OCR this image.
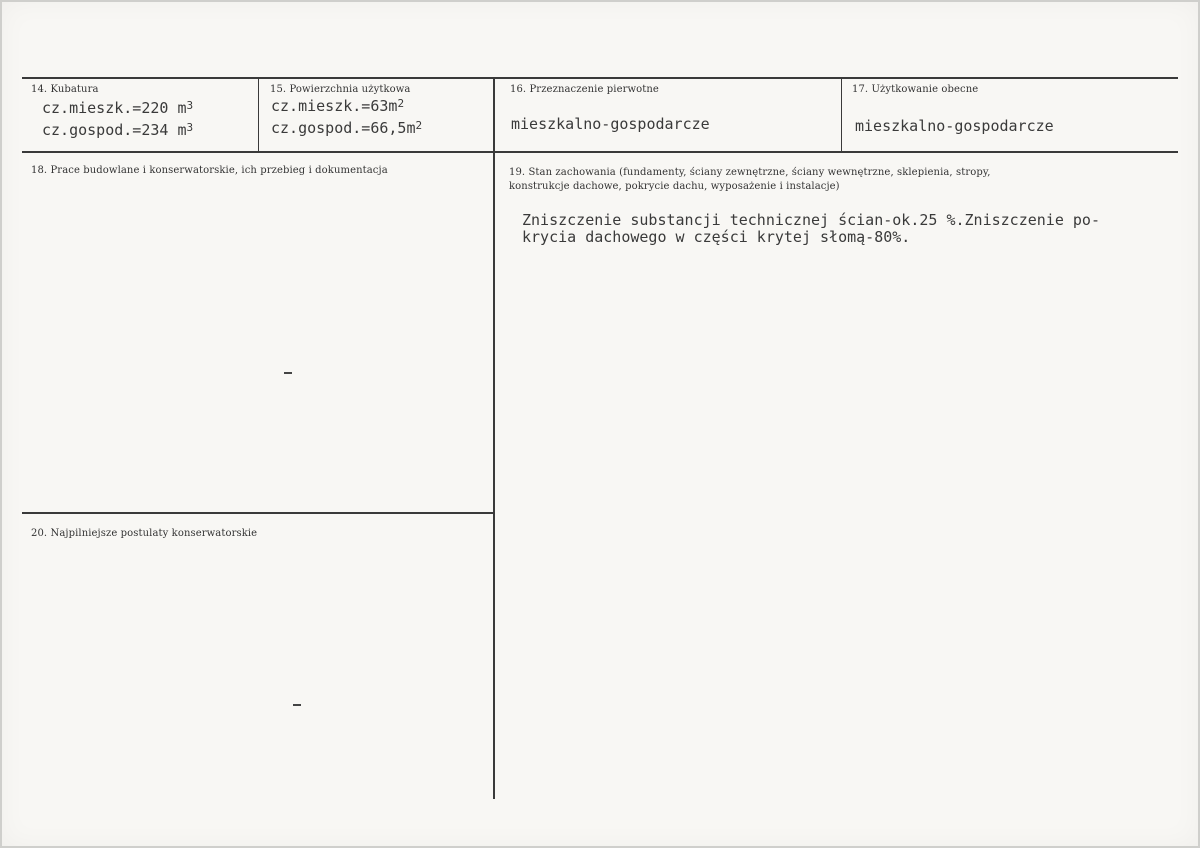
14. Kubatura
cz.mieszk.=220 $m^3$
cz.gospod.=234 $m^3$
15. Powierzchnia użytkowa
$cz.mieszk.=63m^2$
$cz.gospod.=66,5m^2$
16. Przeznaczenie pierwotne
mieszkalno-gospodarcze
17. Użytkowanie obecne
mieszkalno-gospodarcze
18. Prace budowlane i konserwatorskie, ich przebieg i dokumentacja	19. Stan zachowania (fundamenty, ściany zewnętrzne, ściany wewnętrzne, sklepienia, stropy,
konstrukcje dachowe, pokrycie dachu, wyposażenie i instalacje)
Zniszczenie substancji technicznej ścian-ok.25 %.Zniszczenie po-
krycia dachowego w części krytej słomą-80%.
20. Najpilniejsze postulaty konserwatorskie
